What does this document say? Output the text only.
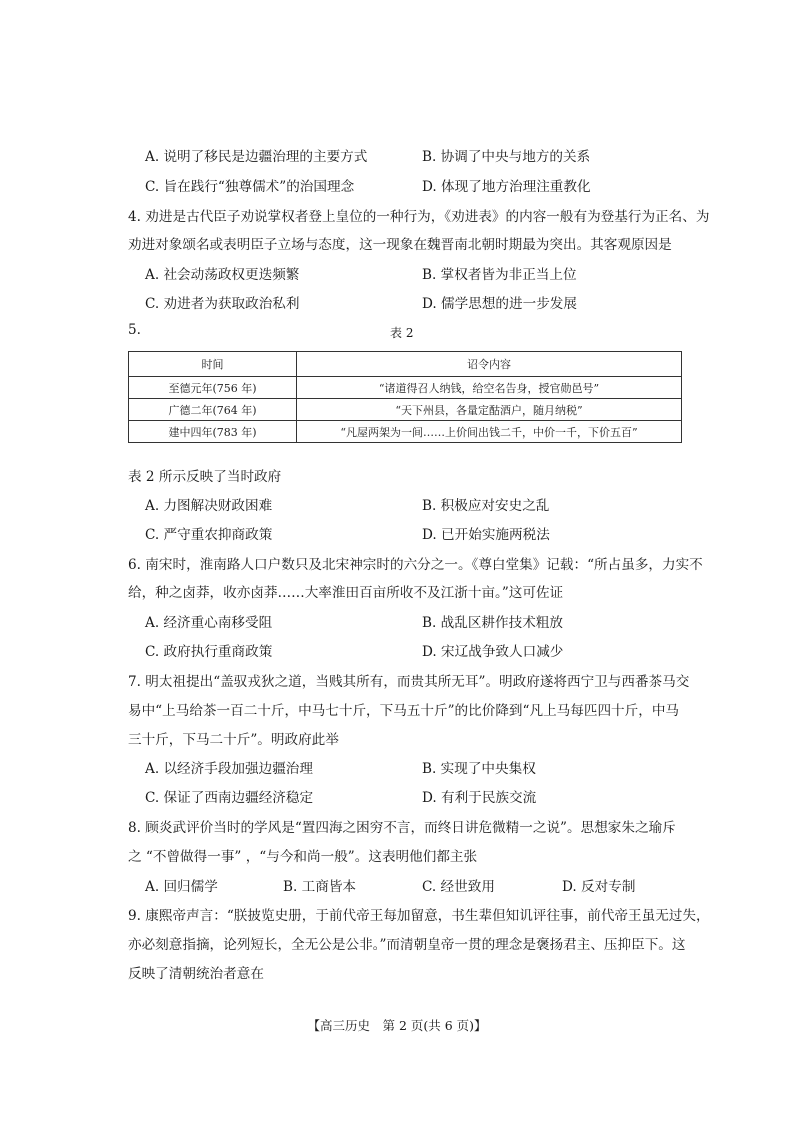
A. 说明了移民是边疆治理的主要方式	B. 协调了中央与地方的关系
C. 旨在践行“独尊儒术”的治国理念	D. 体现了地方治理注重教化
4. 劝进是古代臣子劝说掌权者登上皇位的一种行为，《劝进表》的内容一般有为登基行为正名、为
劝进对象颂名或表明臣子立场与态度，这一现象在魏晋南北朝时期最为突出。其客观原因是
A. 社会动荡政权更迭频繁	B. 掌权者皆为非正当上位
C. 劝进者为获取政治私利	D. 儒学思想的进一步发展
5.	表 2
时间	诏令内容
至德元年(756 年)	“诸道得召人纳钱，给空名告身，授官勋邑号”
广德二年(764 年)	“天下州县，各量定酤酒户，随月纳税”
建中四年(783 年)	“凡屋两架为一间……上价间出钱二千，中价一千，下价五百”
表 2 所示反映了当时政府
A. 力图解决财政困难	B. 积极应对安史之乱
C. 严守重农抑商政策	D. 已开始实施两税法
6. 南宋时，淮南路人口户数只及北宋神宗时的六分之一。《尊白堂集》记载：“所占虽多，力实不
给，种之卤莽，收亦卤莽……大率淮田百亩所收不及江浙十亩。”这可佐证
A. 经济重心南移受阻	B. 战乱区耕作技术粗放
C. 政府执行重商政策	D. 宋辽战争致人口减少
7. 明太祖提出“盖驭戎狄之道，当贱其所有，而贵其所无耳”。明政府遂将西宁卫与西番茶马交
易中“上马给茶一百二十斤，中马七十斤，下马五十斤”的比价降到“凡上马每匹四十斤，中马
三十斤，下马二十斤”。明政府此举
A. 以经济手段加强边疆治理	B. 实现了中央集权
C. 保证了西南边疆经济稳定	D. 有利于民族交流
8. 顾炎武评价当时的学风是“置四海之困穷不言，而终日讲危微精一之说”。思想家朱之瑜斥
之 “不曾做得一事” ，“与今和尚一般”。这表明他们都主张
A. 回归儒学	B. 工商皆本	C. 经世致用	D. 反对专制
9. 康熙帝声言：“朕披览史册，于前代帝王每加留意，书生辈但知讥评往事，前代帝王虽无过失，
亦必刻意指摘，论列短长，全无公是公非。”而清朝皇帝一贯的理念是褒扬君主、压抑臣下。这
反映了清朝统治者意在
【高三历史　第 2 页(共 6 页)】
